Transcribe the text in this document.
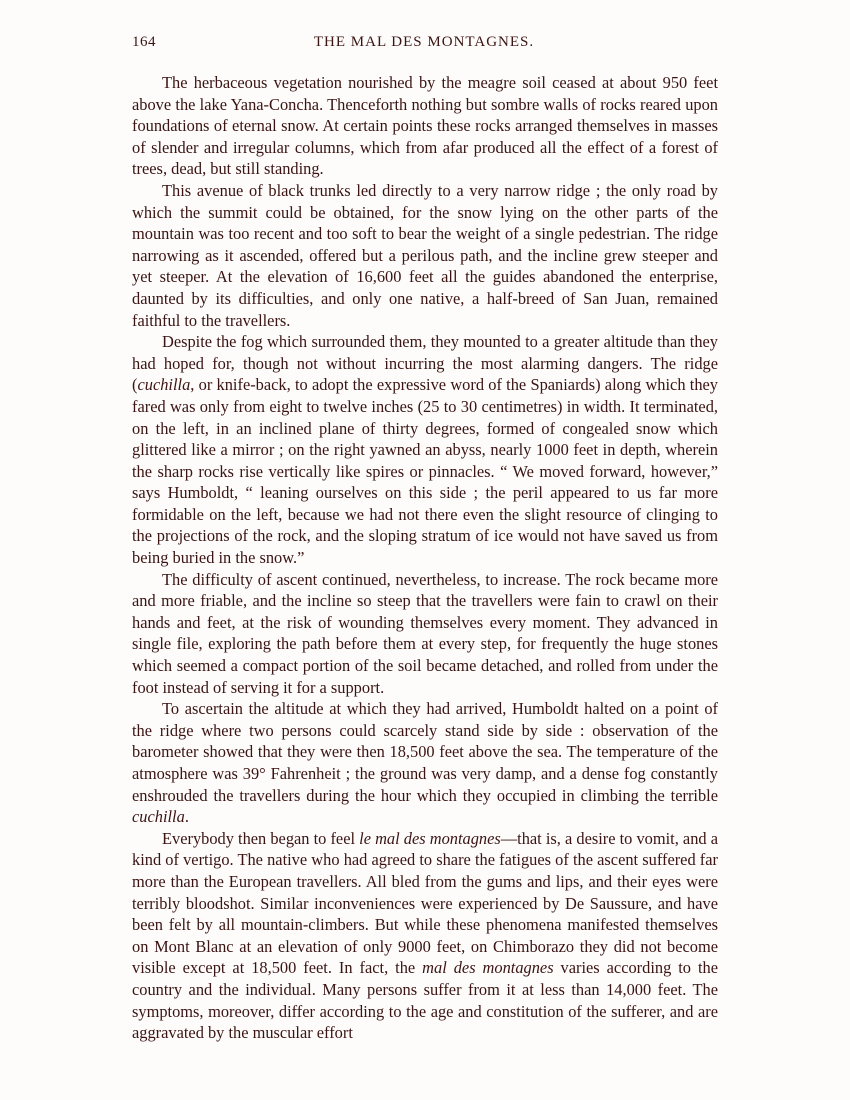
164	THE MAL DES MONTAGNES.

The herbaceous vegetation nourished by the meagre soil ceased at about 950 feet above the lake Yana-Concha. Thenceforth nothing but sombre walls of rocks reared upon foundations of eternal snow. At certain points these rocks arranged themselves in masses of slender and irregular columns, which from afar produced all the effect of a forest of trees, dead, but still standing.

This avenue of black trunks led directly to a very narrow ridge ; the only road by which the summit could be obtained, for the snow lying on the other parts of the mountain was too recent and too soft to bear the weight of a single pedestrian. The ridge narrowing as it ascended, offered but a perilous path, and the incline grew steeper and yet steeper. At the elevation of 16,600 feet all the guides abandoned the enterprise, daunted by its difficulties, and only one native, a half-breed of San Juan, remained faithful to the travellers.

Despite the fog which surrounded them, they mounted to a greater altitude than they had hoped for, though not without incurring the most alarming dangers. The ridge (cuchilla, or knife-back, to adopt the expressive word of the Spaniards) along which they fared was only from eight to twelve inches (25 to 30 centimetres) in width. It terminated, on the left, in an inclined plane of thirty degrees, formed of congealed snow which glittered like a mirror ; on the right yawned an abyss, nearly 1000 feet in depth, wherein the sharp rocks rise vertically like spires or pinnacles. “ We moved forward, however,” says Humboldt, “ leaning ourselves on this side ; the peril appeared to us far more formidable on the left, because we had not there even the slight resource of clinging to the projections of the rock, and the sloping stratum of ice would not have saved us from being buried in the snow.”

The difficulty of ascent continued, nevertheless, to increase. The rock became more and more friable, and the incline so steep that the travellers were fain to crawl on their hands and feet, at the risk of wounding themselves every moment. They advanced in single file, exploring the path before them at every step, for frequently the huge stones which seemed a compact portion of the soil became detached, and rolled from under the foot instead of serving it for a support.

To ascertain the altitude at which they had arrived, Humboldt halted on a point of the ridge where two persons could scarcely stand side by side : observation of the barometer showed that they were then 18,500 feet above the sea. The temperature of the atmosphere was 39° Fahrenheit ; the ground was very damp, and a dense fog constantly enshrouded the travellers during the hour which they occupied in climbing the terrible cuchilla.

Everybody then began to feel le mal des montagnes—that is, a desire to vomit, and a kind of vertigo. The native who had agreed to share the fatigues of the ascent suffered far more than the European travellers. All bled from the gums and lips, and their eyes were terribly bloodshot. Similar inconveniences were experienced by De Saussure, and have been felt by all mountain-climbers. But while these phenomena manifested themselves on Mont Blanc at an elevation of only 9000 feet, on Chimborazo they did not become visible except at 18,500 feet. In fact, the mal des montagnes varies according to the country and the individual. Many persons suffer from it at less than 14,000 feet. The symptoms, moreover, differ according to the age and constitution of the sufferer, and are aggravated by the muscular effort
